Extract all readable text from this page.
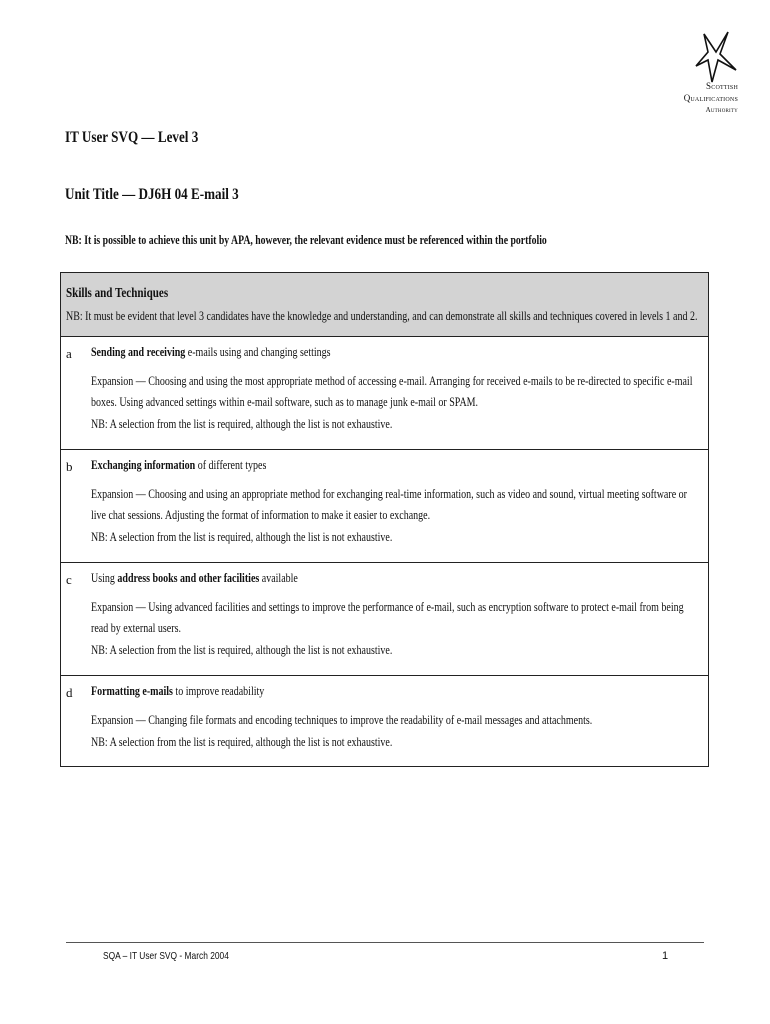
Scottish
Qualifications
Authority
IT User SVQ — Level 3
Unit Title — DJ6H 04 E-mail 3
NB: It is possible to achieve this unit by APA, however, the relevant evidence must be referenced within the portfolio
Skills and Techniques
NB: It must be evident that level 3 candidates have the knowledge and understanding, and can demonstrate all skills and techniques covered in levels 1 and 2.
a Sending and receiving e-mails using and changing settings
Expansion — Choosing and using the most appropriate method of accessing e-mail. Arranging for received e-mails to be re-directed to specific e-mail boxes. Using advanced settings within e-mail software, such as to manage junk e-mail or SPAM.
NB: A selection from the list is required, although the list is not exhaustive.
b Exchanging information of different types
Expansion — Choosing and using an appropriate method for exchanging real-time information, such as video and sound, virtual meeting software or live chat sessions. Adjusting the format of information to make it easier to exchange.
NB: A selection from the list is required, although the list is not exhaustive.
c Using address books and other facilities available
Expansion — Using advanced facilities and settings to improve the performance of e-mail, such as encryption software to protect e-mail from being read by external users.
NB: A selection from the list is required, although the list is not exhaustive.
d Formatting e-mails to improve readability
Expansion — Changing file formats and encoding techniques to improve the readability of e-mail messages and attachments.
NB: A selection from the list is required, although the list is not exhaustive.
SQA – IT User SVQ - March 2004	1
